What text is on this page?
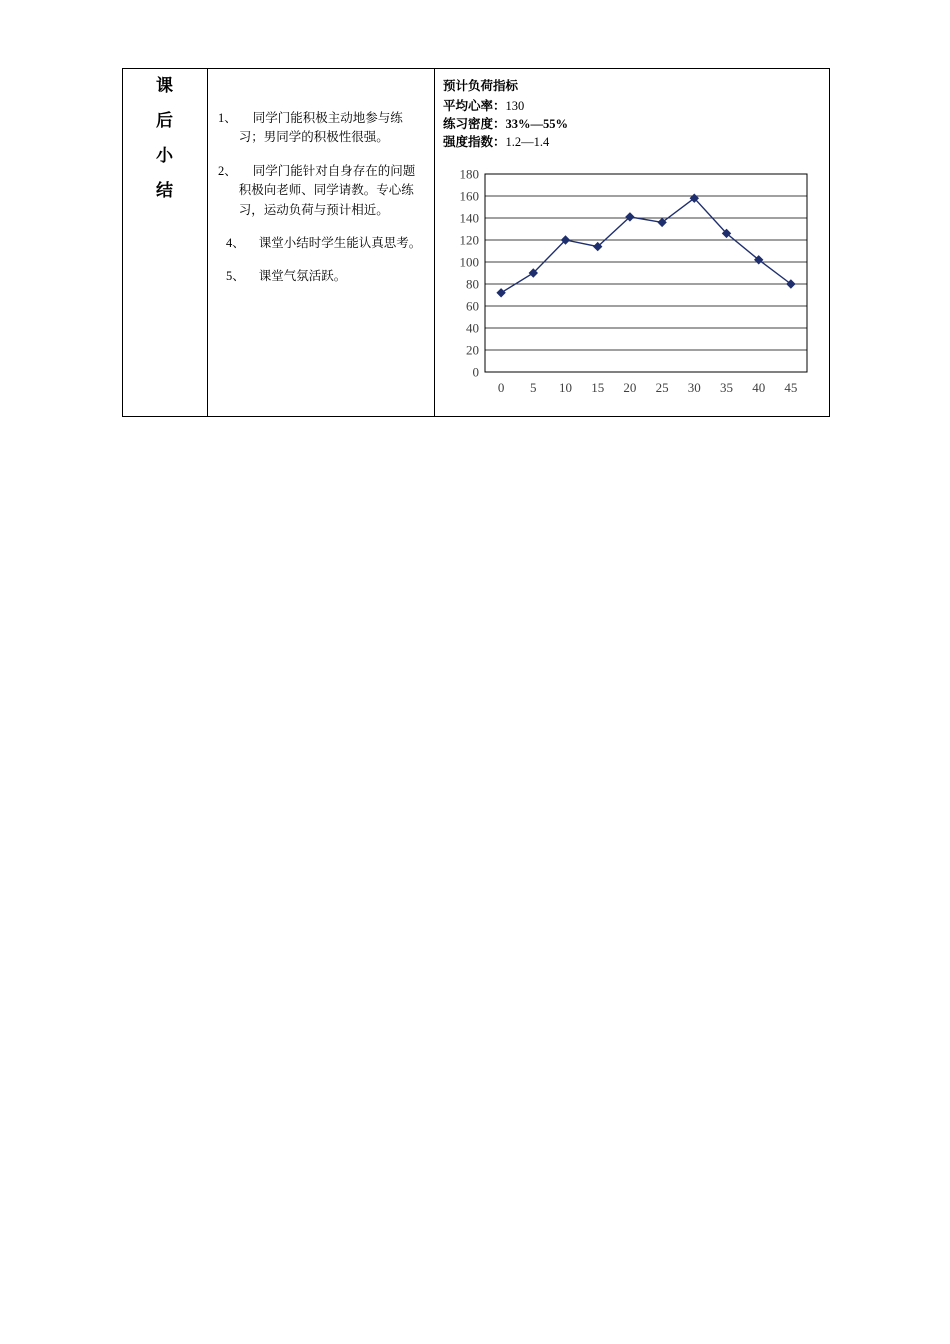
课
后
小
结

1、	同学门能积极主动地参与练习；男同学的积极性很强。
2、	同学门能针对自身存在的问题积极向老师、同学请教。专心练习，运动负荷与预计相近。
4、	课堂小结时学生能认真思考。
5、	课堂气氛活跃。

预计负荷指标
平均心率：130
练习密度：33%—55%
强度指数：1.2—1.4
0
20
40
60
80
100
120
140
160
180
0 5 10 15 20 25 30 35 40 45
